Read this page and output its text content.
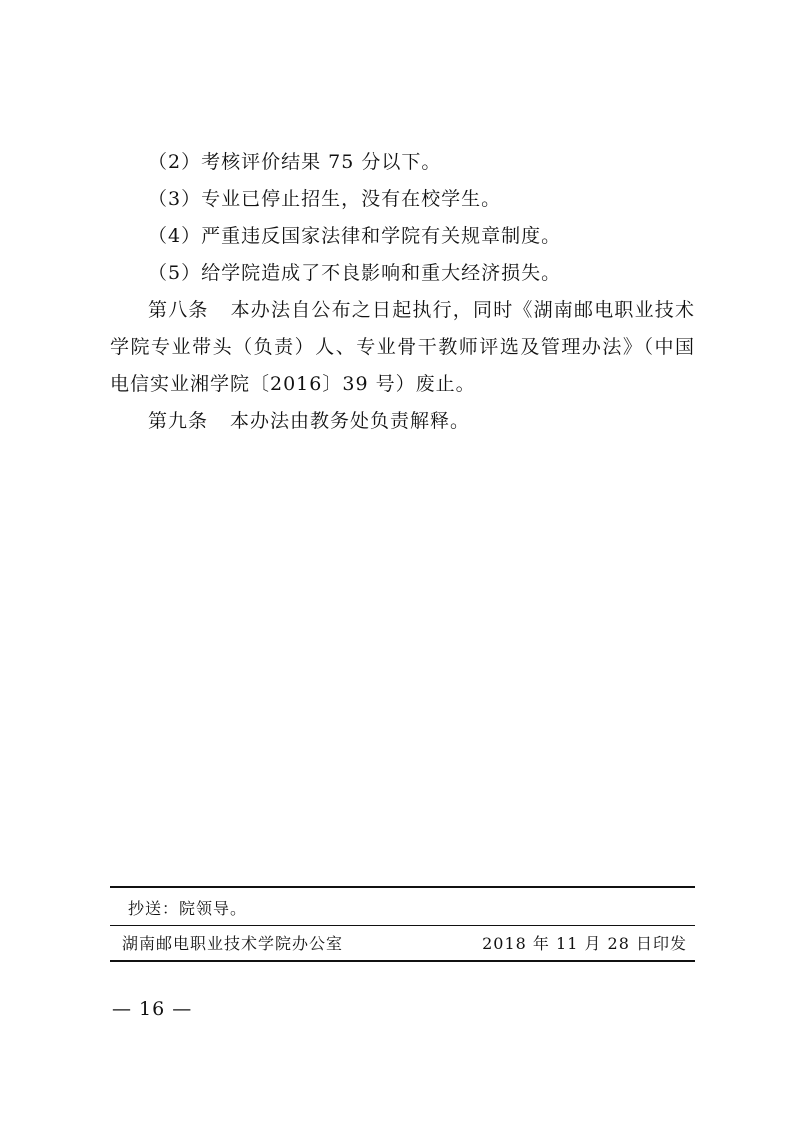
（2）考核评价结果 75 分以下。

（3）专业已停止招生，没有在校学生。

（4）严重违反国家法律和学院有关规章制度。

（5）给学院造成了不良影响和重大经济损失。

第八条 本办法自公布之日起执行，同时《湖南邮电职业技术学院专业带头（负责）人、专业骨干教师评选及管理办法》（中国电信实业湘学院〔2016〕39 号）废止。

第九条 本办法由教务处负责解释。

抄送：院领导。
湖南邮电职业技术学院办公室	2018 年 11 月 28 日印发
— 16 —
